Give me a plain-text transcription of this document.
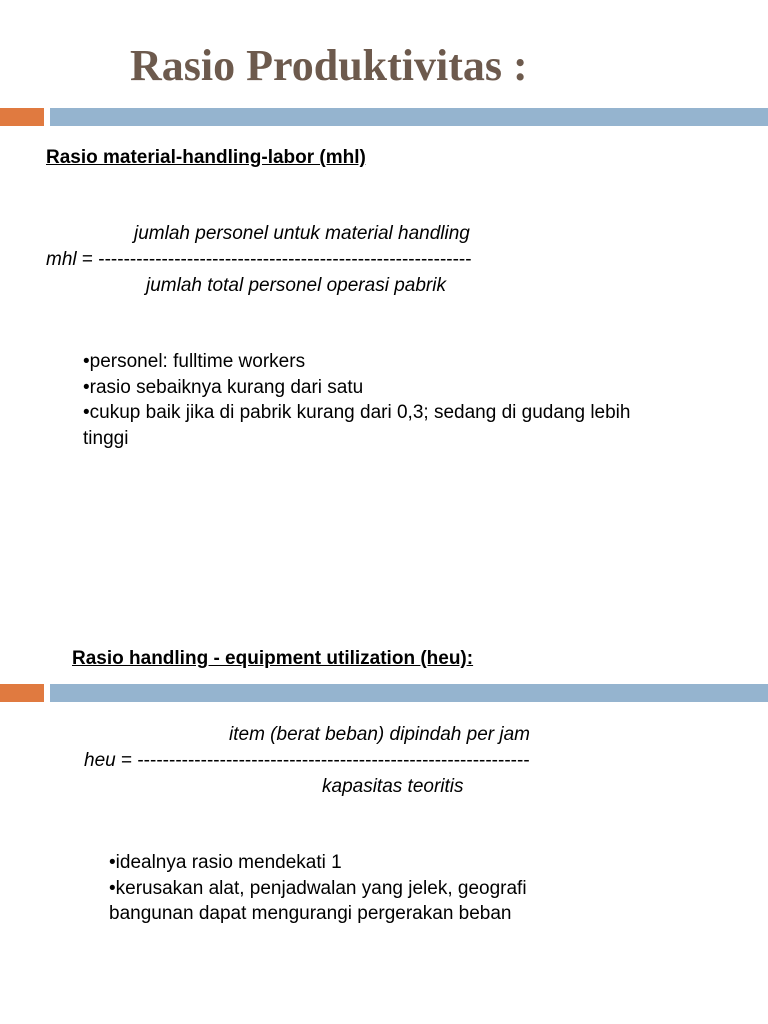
Rasio Produktivitas :
Rasio material-handling-labor (mhl)
jumlah personel untuk material handling
mhl = -----------------------------------------------------------
jumlah total personel operasi pabrik
•personel: fulltime workers
•rasio sebaiknya kurang dari satu
•cukup baik jika di pabrik kurang dari 0,3; sedang di gudang lebih tinggi
Rasio handling - equipment utilization (heu):
item (berat beban) dipindah per jam
heu = --------------------------------------------------------------
kapasitas teoritis
•idealnya rasio mendekati 1
•kerusakan alat, penjadwalan yang jelek, geografi bangunan dapat mengurangi pergerakan beban
